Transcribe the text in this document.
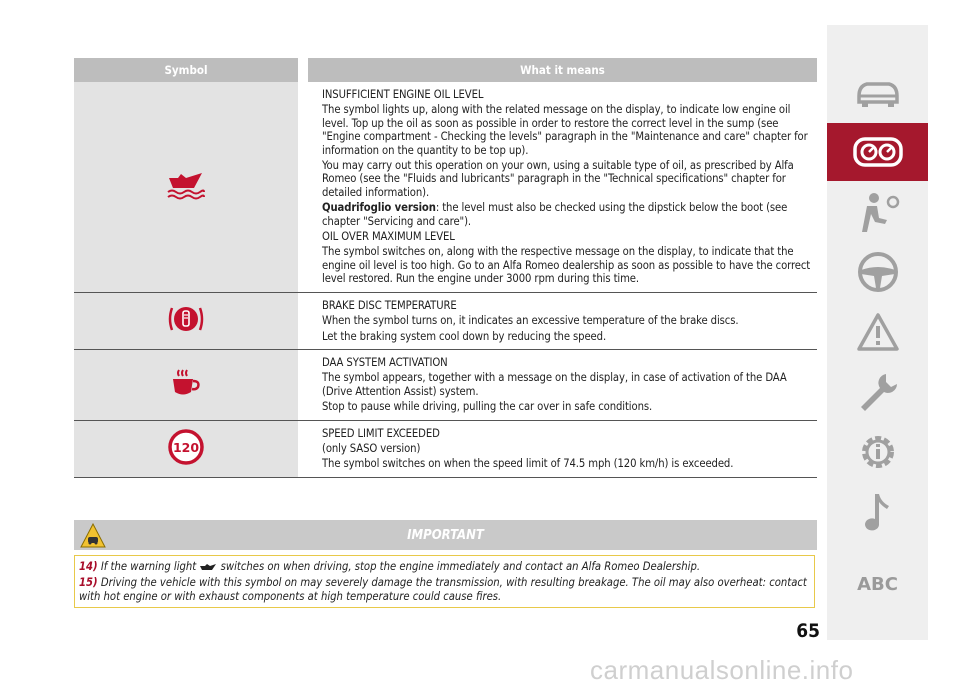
Symbol	What it means

INSUFFICIENT ENGINE OIL LEVEL

The symbol lights up, along with the related message on the display, to indicate low engine oil level. Top up the oil as soon as possible in order to restore the correct level in the sump (see "Engine compartment - Checking the levels" paragraph in the "Maintenance and care" chapter for information on the quantity to be top up).

You may carry out this operation on your own, using a suitable type of oil, as prescribed by Alfa Romeo (see the "Fluids and lubricants" paragraph in the "Technical specifications" chapter for detailed information).

Quadrifoglio version: the level must also be checked using the dipstick below the boot (see chapter "Servicing and care").

OIL OVER MAXIMUM LEVEL

The symbol switches on, along with the respective message on the display, to indicate that the engine oil level is too high. Go to an Alfa Romeo dealership as soon as possible to have the correct level restored. Run the engine under 3000 rpm during this time.

BRAKE DISC TEMPERATURE

When the symbol turns on, it indicates an excessive temperature of the brake discs.

Let the braking system cool down by reducing the speed.

DAA SYSTEM ACTIVATION

The symbol appears, together with a message on the display, in case of activation of the DAA (Drive Attention Assist) system.

Stop to pause while driving, pulling the car over in safe conditions.

120

SPEED LIMIT EXCEEDED

(only SASO version)

The symbol switches on when the speed limit of 74.5 mph (120 km/h) is exceeded.

IMPORTANT

14) If the warning light  switches on when driving, stop the engine immediately and contact an Alfa Romeo Dealership.

15) Driving the vehicle with this symbol on may severely damage the transmission, with resulting breakage. The oil may also overheat: contact with hot engine or with exhaust components at high temperature could cause fires.

ABC
65
carmanualsonline.info
